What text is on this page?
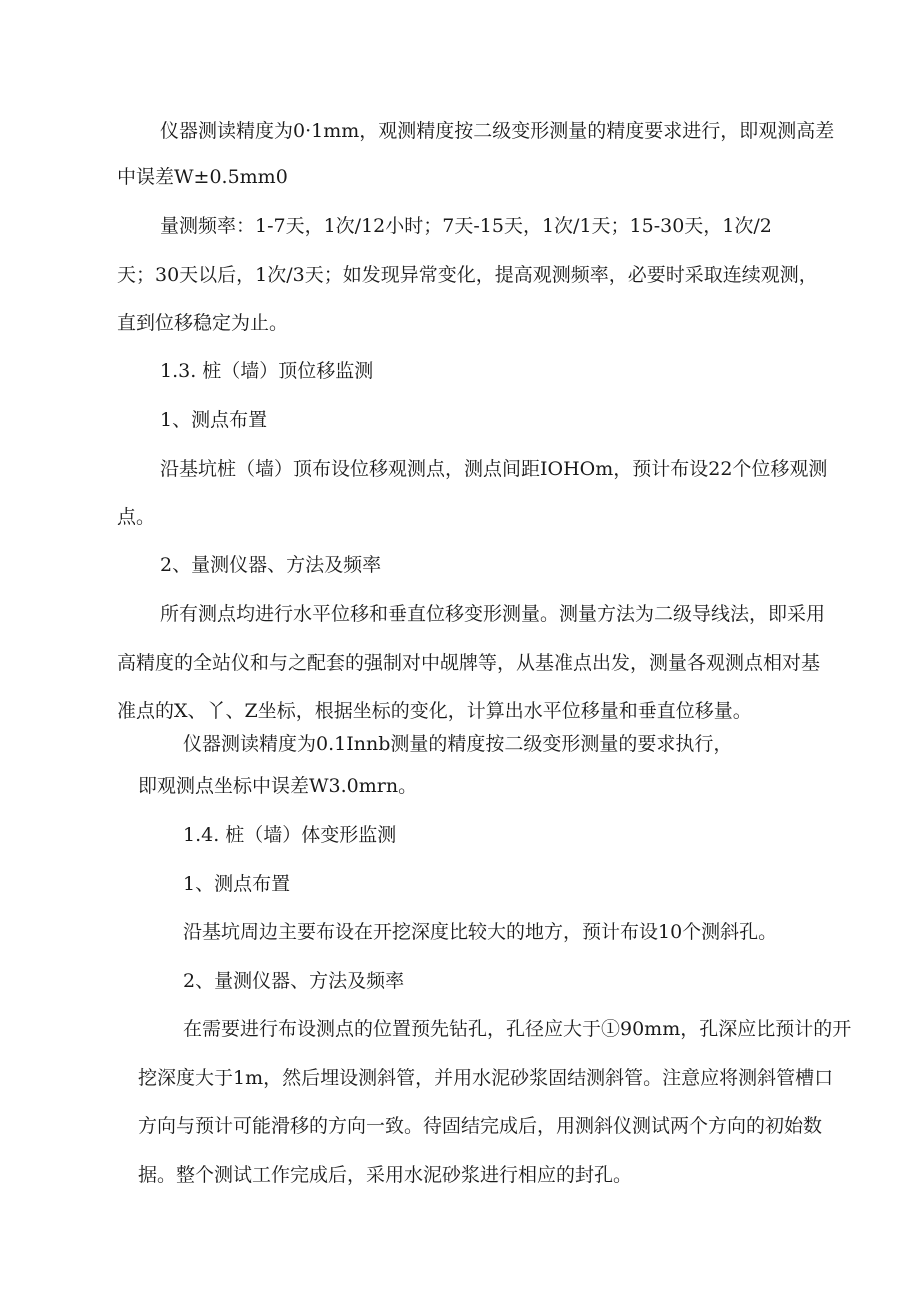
仪器测读精度为0·1mm，观测精度按二级变形测量的精度要求进行，即观测高差

中误差W±0.5mm0

量测频率：1-7天，1次/12小时；7天-15天，1次/1天；15-30天，1次/2

天；30天以后，1次/3天；如发现异常变化，提高观测频率，必要时采取连续观测，

直到位移稳定为止。

1.3. 桩（墙）顶位移监测

1、测点布置

沿基坑桩（墙）顶布设位移观测点，测点间距IOHOm，预计布设22个位移观测

点。

2、量测仪器、方法及频率

所有测点均进行水平位移和垂直位移变形测量。测量方法为二级导线法，即采用

高精度的全站仪和与之配套的强制对中觇牌等，从基准点出发，测量各观测点相对基

准点的X、丫、Z坐标，根据坐标的变化，计算出水平位移量和垂直位移量。

仪器测读精度为0.1Innb测量的精度按二级变形测量的要求执行，

即观测点坐标中误差W3.0mrn。

1.4. 桩（墙）体变形监测

1、测点布置

沿基坑周边主要布设在开挖深度比较大的地方，预计布设10个测斜孔。

2、量测仪器、方法及频率

在需要进行布设测点的位置预先钻孔，孔径应大于①90mm，孔深应比预计的开

挖深度大于1m，然后埋设测斜管，并用水泥砂浆固结测斜管。注意应将测斜管槽口

方向与预计可能滑移的方向一致。待固结完成后，用测斜仪测试两个方向的初始数

据。整个测试工作完成后，采用水泥砂浆进行相应的封孔。
